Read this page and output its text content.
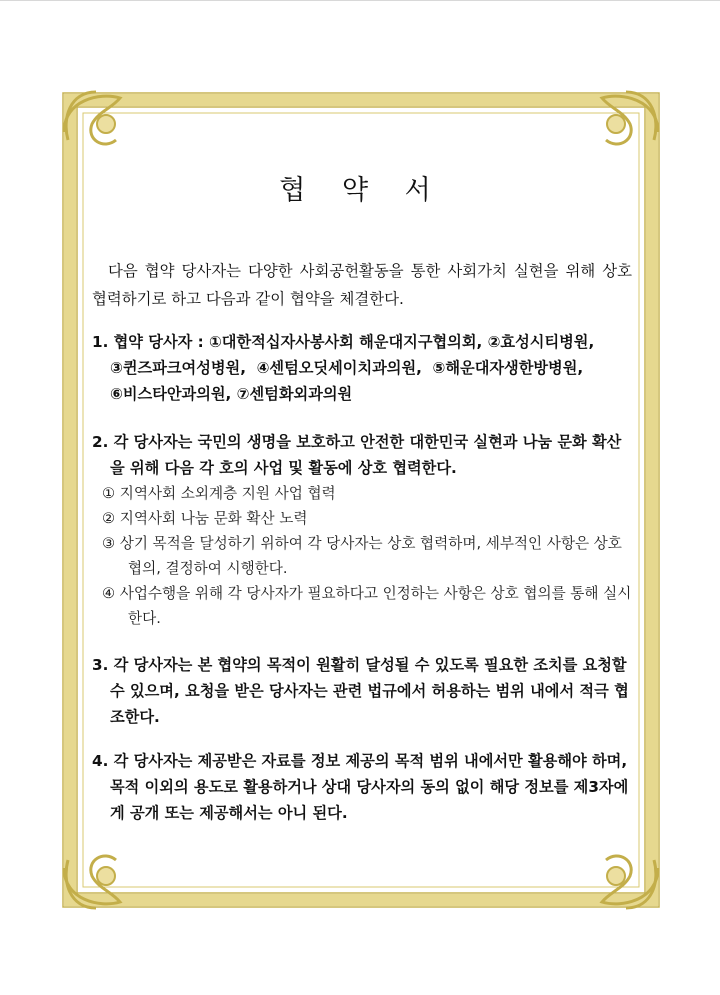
협 약 서
다음 협약 당사자는 다양한 사회공헌활동을 통한 사회가치 실현을 위해 상호 협력하기로 하고 다음과 같이 협약을 체결한다.
1. 협약 당사자 : ①대한적십자사봉사회 해운대지구협의회, ②효성시티병원,
③퀸즈파크여성병원, ④센텀오딧세이치과의원, ⑤해운대자생한방병원,
⑥비스타안과의원, ⑦센텀화외과의원
2. 각 당사자는 국민의 생명을 보호하고 안전한 대한민국 실현과 나눔 문화 확산을 위해 다음 각 호의 사업 및 활동에 상호 협력한다.
① 지역사회 소외계층 지원 사업 협력
② 지역사회 나눔 문화 확산 노력
③ 상기 목적을 달성하기 위하여 각 당사자는 상호 협력하며, 세부적인 사항은 상호 협의, 결정하여 시행한다.
④ 사업수행을 위해 각 당사자가 필요하다고 인정하는 사항은 상호 협의를 통해 실시한다.
3. 각 당사자는 본 협약의 목적이 원활히 달성될 수 있도록 필요한 조치를 요청할 수 있으며, 요청을 받은 당사자는 관련 법규에서 허용하는 범위 내에서 적극 협조한다.
4. 각 당사자는 제공받은 자료를 정보 제공의 목적 범위 내에서만 활용해야 하며, 목적 이외의 용도로 활용하거나 상대 당사자의 동의 없이 해당 정보를 제3자에게 공개 또는 제공해서는 아니 된다.
